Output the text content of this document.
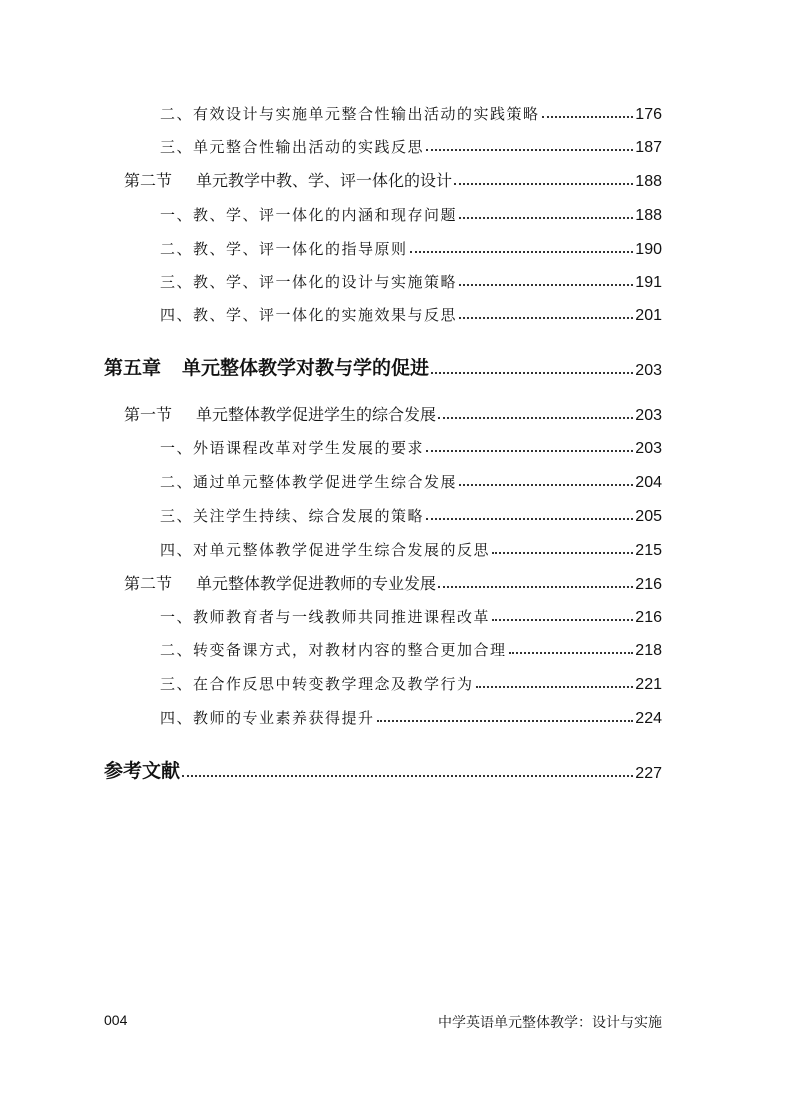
二、有效设计与实施单元整合性输出活动的实践策略	176
三、单元整合性输出活动的实践反思	187
第二节 单元教学中教、学、评一体化的设计	188
一、教、学、评一体化的内涵和现存问题	188
二、教、学、评一体化的指导原则	190
三、教、学、评一体化的设计与实施策略	191
四、教、学、评一体化的实施效果与反思	201
第五章 单元整体教学对教与学的促进	203
第一节 单元整体教学促进学生的综合发展	203
一、外语课程改革对学生发展的要求	203
二、通过单元整体教学促进学生综合发展	204
三、关注学生持续、综合发展的策略	205
四、对单元整体教学促进学生综合发展的反思	215
第二节 单元整体教学促进教师的专业发展	216
一、教师教育者与一线教师共同推进课程改革	216
二、转变备课方式，对教材内容的整合更加合理	218
三、在合作反思中转变教学理念及教学行为	221
四、教师的专业素养获得提升	224
参考文献	227
004	中学英语单元整体教学：设计与实施
